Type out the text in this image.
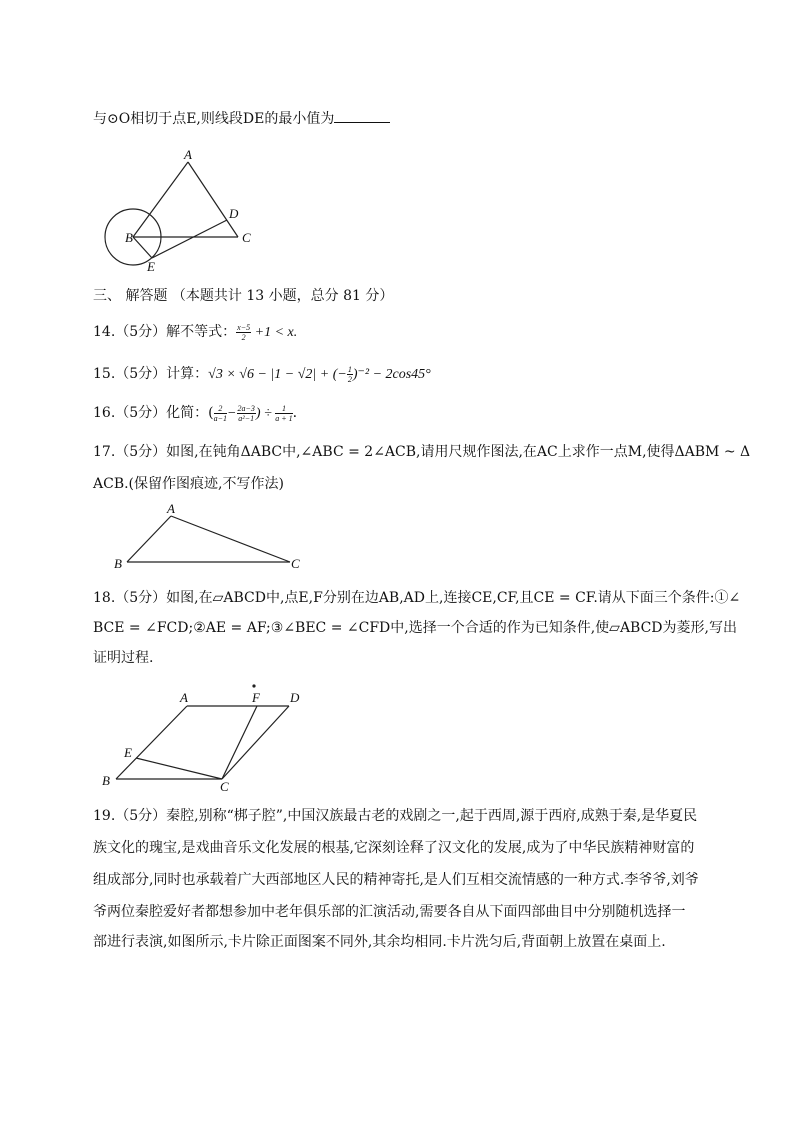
与⊙O相切于点E,则线段DE的最小值为
A
B	C
D
E
三、 解答题 （本题共计 13 小题，总分 81 分）
14.（5分）解不等式： $\frac{x-5}{2} +1 < x$.
15.（5分）计算：√3 × √6 − |1 − √2| + (− $\frac{1}{2} )^{-2} - 2\cos 45^\circ$
16.（5分）化简：( $\frac{2}{a-1} - \frac{2a-3}{\text{a²−1}}$ ) ÷ $\frac{1}{a + 1}$ .
17.（5分）如图,在钝角ΔABC中,∠ABC = 2∠ACB,请用尺规作图法,在AC上求作一点M,使得ΔABM ~ Δ
ACB.(保留作图痕迹,不写作法)
A
B	C
18.（5分）如图,在▱ABCD中,点E,F分别在边AB,AD上,连接CE,CF,且CE = CF.请从下面三个条件:①∠
BCE = ∠FCD;②AE = AF;③∠BEC = ∠CFD中,选择一个合适的作为已知条件,使▱ABCD为菱形,写出
证明过程.
A
B	C
D
E
F
19.（5分）秦腔,别称“梆子腔”,中国汉族最古老的戏剧之一,起于西周,源于西府,成熟于秦,是华夏民
族文化的瑰宝,是戏曲音乐文化发展的根基,它深刻诠释了汉文化的发展,成为了中华民族精神财富的
组成部分,同时也承载着广大西部地区人民的精神寄托,是人们互相交流情感的一种方式.李爷爷,刘爷
爷两位秦腔爱好者都想参加中老年俱乐部的汇演活动,需要各自从下面四部曲目中分别随机选择一
部进行表演,如图所示,卡片除正面图案不同外,其余均相同.卡片洗匀后,背面朝上放置在桌面上.
